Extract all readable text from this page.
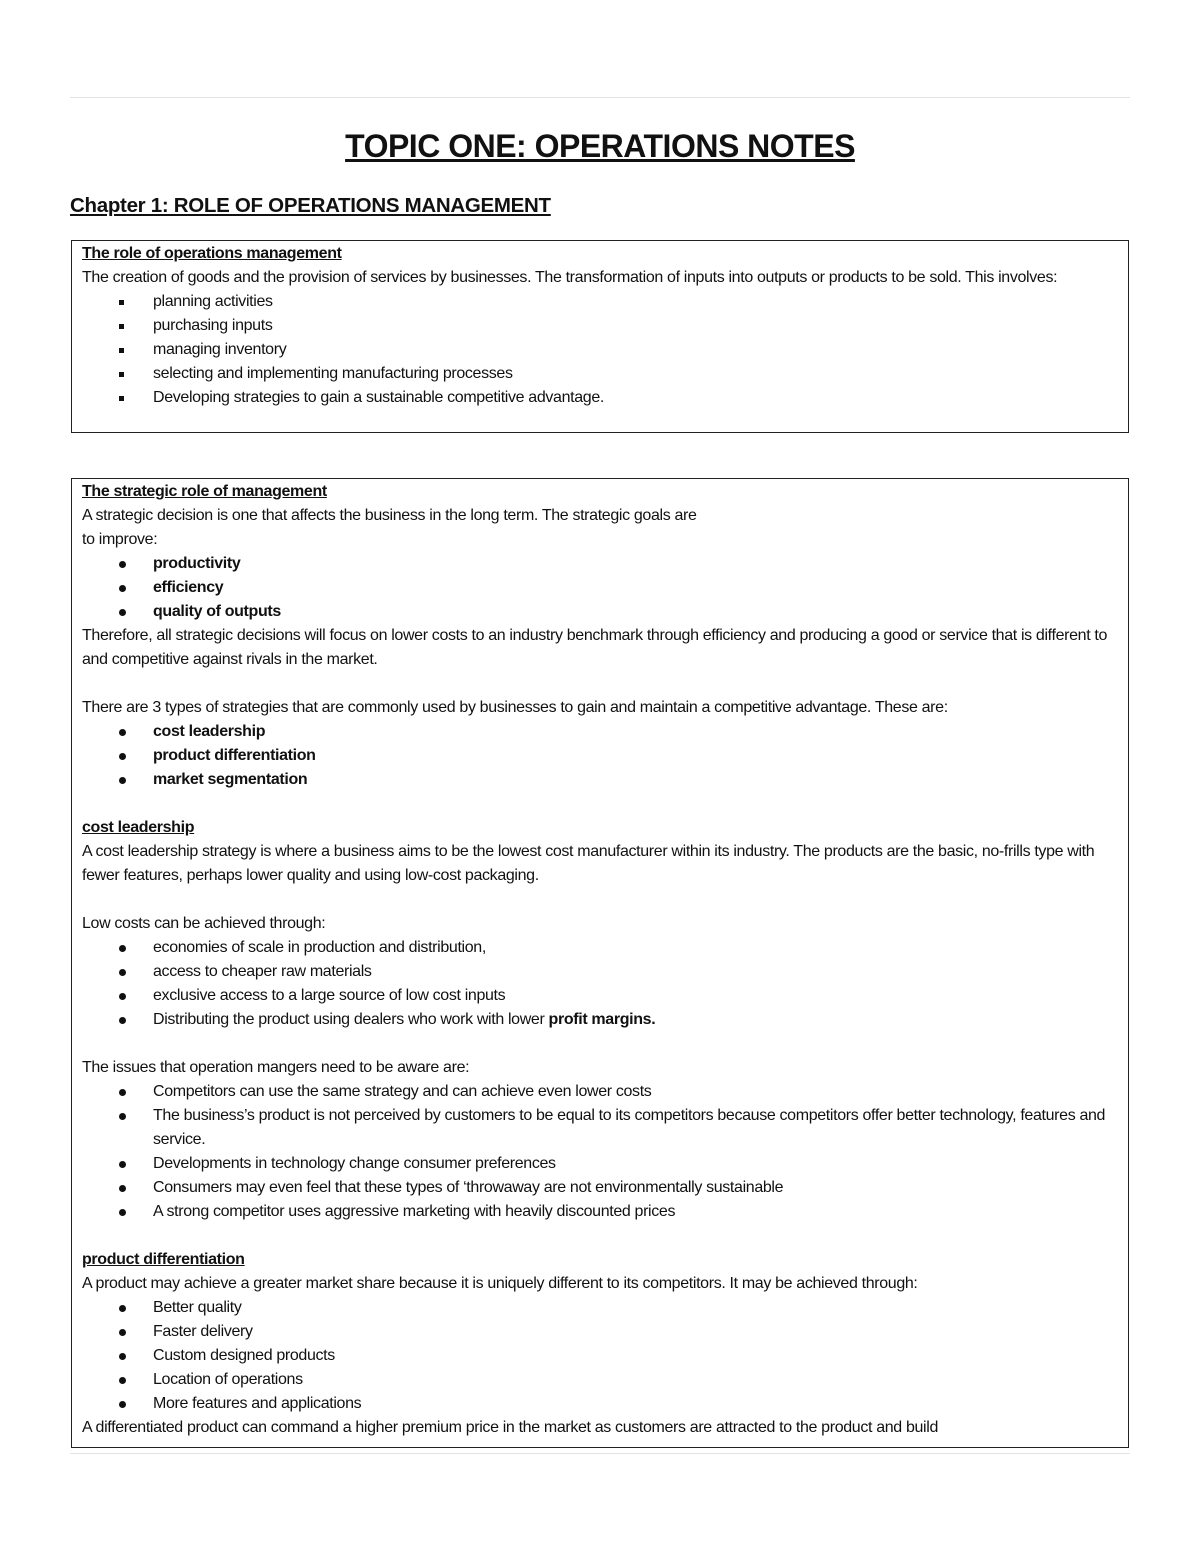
TOPIC ONE: OPERATIONS NOTES
Chapter 1: ROLE OF OPERATIONS MANAGEMENT

The role of operations management

The creation of goods and the provision of services by businesses. The transformation of inputs into outputs or products to be sold. This involves:

planning activities
purchasing inputs
managing inventory
selecting and implementing manufacturing processes
Developing strategies to gain a sustainable competitive advantage.

The strategic role of management

A strategic decision is one that affects the business in the long term. The strategic goals are

to improve:

productivity
efficiency
quality of outputs

Therefore, all strategic decisions will focus on lower costs to an industry benchmark through efficiency and producing a good or service that is different to and competitive against rivals in the market.

There are 3 types of strategies that are commonly used by businesses to gain and maintain a competitive advantage. These are:

cost leadership
product differentiation
market segmentation

cost leadership

A cost leadership strategy is where a business aims to be the lowest cost manufacturer within its industry. The products are the basic, no-frills type with fewer features, perhaps lower quality and using low-cost packaging.

Low costs can be achieved through:

economies of scale in production and distribution,
access to cheaper raw materials
exclusive access to a large source of low cost inputs
Distributing the product using dealers who work with lower profit margins.

The issues that operation mangers need to be aware are:

Competitors can use the same strategy and can achieve even lower costs
The business’s product is not perceived by customers to be equal to its competitors because competitors offer better technology, features and service.
Developments in technology change consumer preferences
Consumers may even feel that these types of ‘throwaway are not environmentally sustainable
A strong competitor uses aggressive marketing with heavily discounted prices

product differentiation

A product may achieve a greater market share because it is uniquely different to its competitors. It may be achieved through:

Better quality
Faster delivery
Custom designed products
Location of operations
More features and applications

A differentiated product can command a higher premium price in the market as customers are attracted to the product and build
